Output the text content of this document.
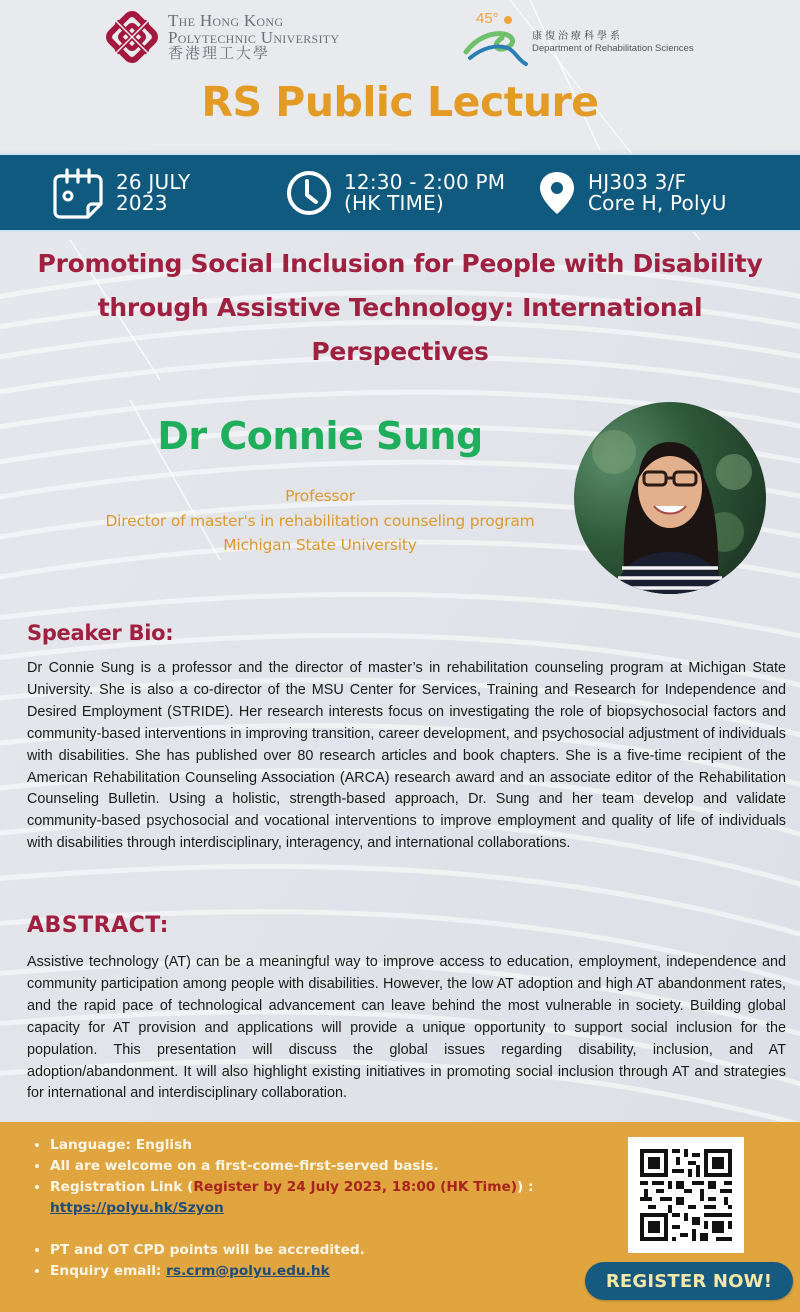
The Hong Kong
Polytechnic University
香港理工大學
45°
康復治療科學系
Department of Rehabilitation Sciences
RS Public Lecture
26 JULY
2023
12:30 - 2:00 PM
(HK TIME)
HJ303 3/F
Core H, PolyU
Promoting Social Inclusion for People with Disability
through Assistive Technology: International
Perspectives
Dr Connie Sung
Professor
Director of master's in rehabilitation counseling program
Michigan State University
Speaker Bio:
Dr Connie Sung is a professor and the director of master’s in rehabilitation counseling program at Michigan State University. She is also a co-director of the MSU Center for Services, Training and Research for Independence and Desired Employment (STRIDE). Her research interests focus on investigating the role of biopsychosocial factors and community-based interventions in improving transition, career development, and psychosocial adjustment of individuals with disabilities. She has published over 80 research articles and book chapters. She is a five-time recipient of the American Rehabilitation Counseling Association (ARCA) research award and an associate editor of the Rehabilitation Counseling Bulletin. Using a holistic, strength-based approach, Dr. Sung and her team develop and validate community-based psychosocial and vocational interventions to improve employment and quality of life of individuals with disabilities through interdisciplinary, interagency, and international collaborations.
ABSTRACT:
Assistive technology (AT) can be a meaningful way to improve access to education, employment, independence and community participation among people with disabilities. However, the low AT adoption and high AT abandonment rates, and the rapid pace of technological advancement can leave behind the most vulnerable in society. Building global capacity for AT provision and applications will provide a unique opportunity to support social inclusion for the population. This presentation will discuss the global issues regarding disability, inclusion, and AT adoption/abandonment. It will also highlight existing initiatives in promoting social inclusion through AT and strategies for international and interdisciplinary collaboration.
• Language: English
• All are welcome on a first-come-first-served basis.
• Registration Link (Register by 24 July 2023, 18:00 (HK Time)) :
https://polyu.hk/Szyon
• PT and OT CPD points will be accredited.
• Enquiry email: rs.crm@polyu.edu.hk	REGISTER NOW!
